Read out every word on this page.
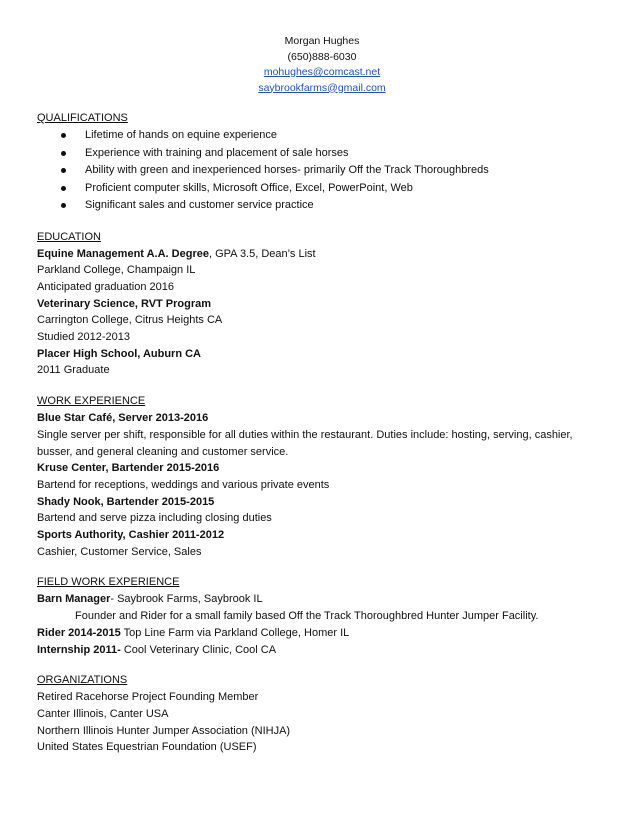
Morgan Hughes
(650)888-6030
mohughes@comcast.net
saybrookfarms@gmail.com
QUALIFICATIONS
Lifetime of hands on equine experience
Experience with training and placement of sale horses
Ability with green and inexperienced horses- primarily Off the Track Thoroughbreds
Proficient computer skills, Microsoft Office, Excel, PowerPoint, Web
Significant sales and customer service practice
EDUCATION
Equine Management A.A. Degree, GPA 3.5, Dean’s List
Parkland College, Champaign IL
Anticipated graduation 2016
Veterinary Science, RVT Program
Carrington College, Citrus Heights CA
Studied 2012-2013
Placer High School, Auburn CA
2011 Graduate
WORK EXPERIENCE
Blue Star Café, Server 2013-2016
Single server per shift, responsible for all duties within the restaurant. Duties include: hosting, serving, cashier, busser, and general cleaning and customer service.
Kruse Center, Bartender 2015-2016
Bartend for receptions, weddings and various private events
Shady Nook, Bartender 2015-2015
Bartend and serve pizza including closing duties
Sports Authority, Cashier 2011-2012
Cashier, Customer Service, Sales
FIELD WORK EXPERIENCE
Barn Manager- Saybrook Farms, Saybrook IL
Founder and Rider for a small family based Off the Track Thoroughbred Hunter Jumper Facility.
Rider 2014-2015 Top Line Farm via Parkland College, Homer IL
Internship 2011- Cool Veterinary Clinic, Cool CA
ORGANIZATIONS
Retired Racehorse Project Founding Member
Canter Illinois, Canter USA
Northern Illinois Hunter Jumper Association (NIHJA)
United States Equestrian Foundation (USEF)
